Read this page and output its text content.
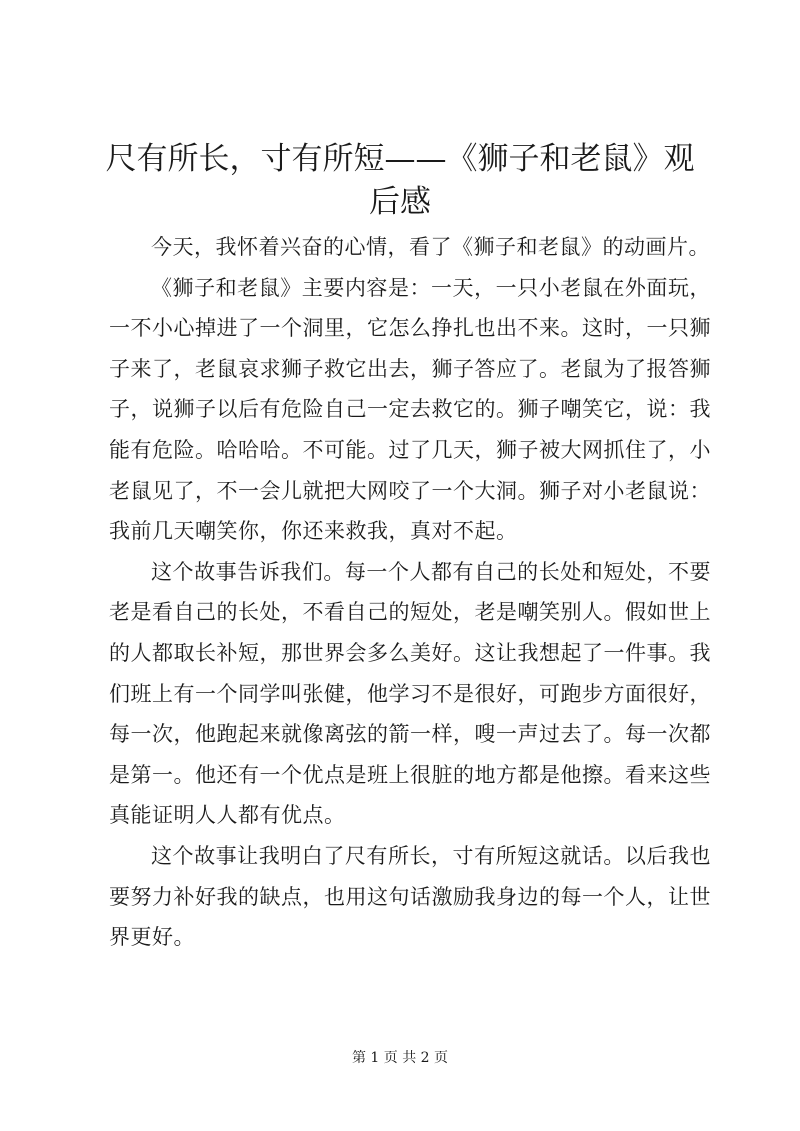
尺有所长，寸有所短——《狮子和老鼠》观后感

今天，我怀着兴奋的心情，看了《狮子和老鼠》的动画片。

《狮子和老鼠》主要内容是：一天，一只小老鼠在外面玩，一不小心掉进了一个洞里，它怎么挣扎也出不来。这时，一只狮子来了，老鼠哀求狮子救它出去，狮子答应了。老鼠为了报答狮子，说狮子以后有危险自己一定去救它的。狮子嘲笑它，说：我能有危险。哈哈哈。不可能。过了几天，狮子被大网抓住了，小老鼠见了，不一会儿就把大网咬了一个大洞。狮子对小老鼠说：我前几天嘲笑你，你还来救我，真对不起。

这个故事告诉我们。每一个人都有自己的长处和短处，不要老是看自己的长处，不看自己的短处，老是嘲笑别人。假如世上的人都取长补短，那世界会多么美好。这让我想起了一件事。我们班上有一个同学叫张健，他学习不是很好，可跑步方面很好，每一次，他跑起来就像离弦的箭一样，嗖一声过去了。每一次都是第一。他还有一个优点是班上很脏的地方都是他擦。看来这些真能证明人人都有优点。

这个故事让我明白了尺有所长，寸有所短这就话。以后我也要努力补好我的缺点，也用这句话激励我身边的每一个人，让世界更好。

第 1 页 共 2 页
